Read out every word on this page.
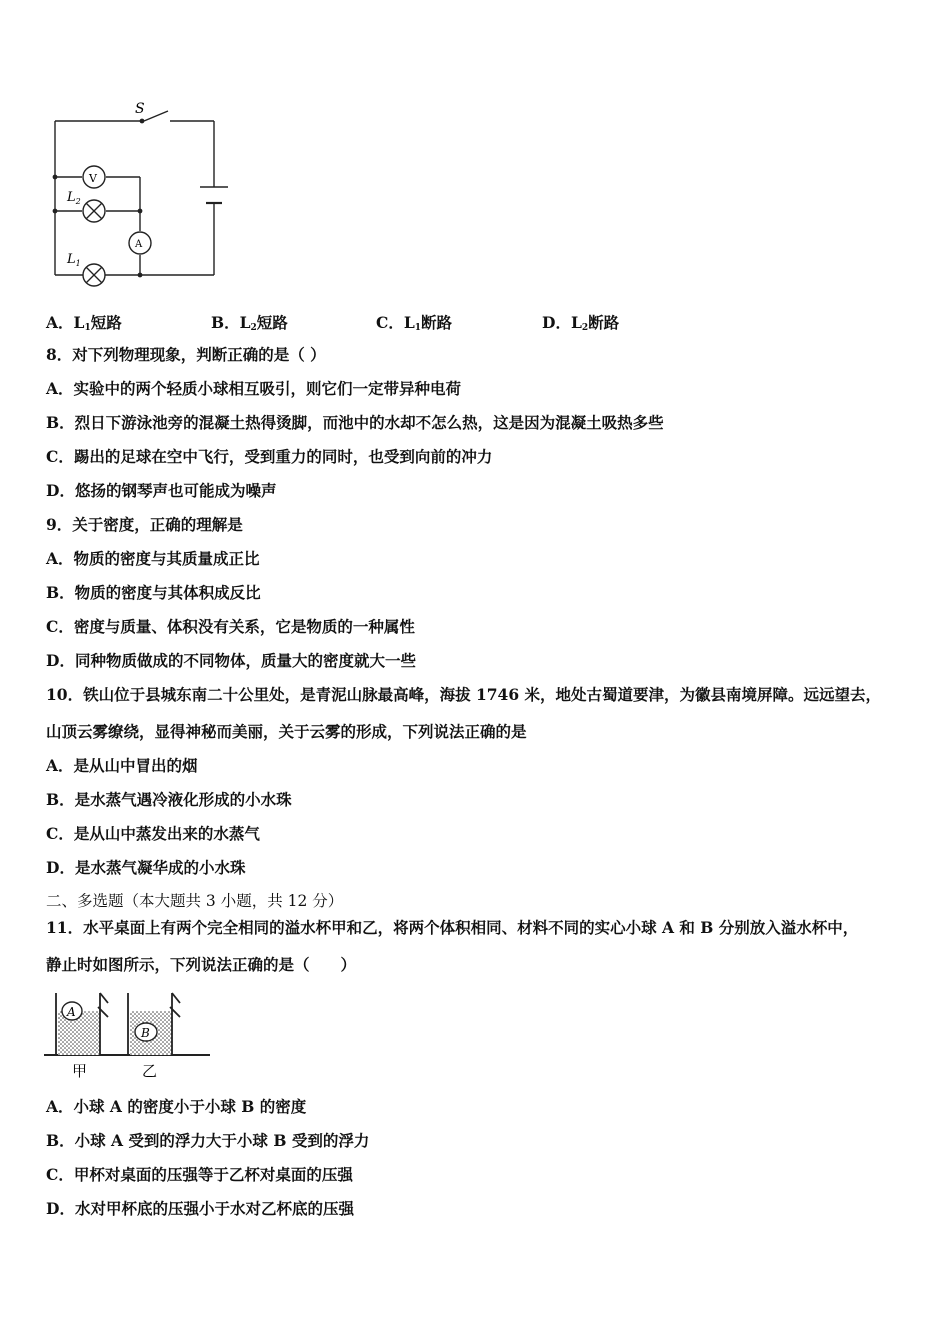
S
V
A
$L_2$
$L_1$
A．$L_1$短路	B．$L_2$短路	C．$L_1$断路	D．$L_2$断路
8．对下列物理现象，判断正确的是（ ）
A．实验中的两个轻质小球相互吸引，则它们一定带异种电荷
B．烈日下游泳池旁的混凝土热得烫脚，而池中的水却不怎么热，这是因为混凝土吸热多些
C．踢出的足球在空中飞行，受到重力的同时，也受到向前的冲力
D．悠扬的钢琴声也可能成为噪声
9．关于密度，正确的理解是
A．物质的密度与其质量成正比
B．物质的密度与其体积成反比
C．密度与质量、体积没有关系，它是物质的一种属性
D．同种物质做成的不同物体，质量大的密度就大一些
10．铁山位于县城东南二十公里处，是青泥山脉最高峰，海拔 1746 米，地处古蜀道要津，为徽县南境屏障。远远望去，
山顶云雾缭绕，显得神秘而美丽，关于云雾的形成，下列说法正确的是
A．是从山中冒出的烟
B．是水蒸气遇冷液化形成的小水珠
C．是从山中蒸发出来的水蒸气
D．是水蒸气凝华成的小水珠
二、多选题（本大题共 3 小题，共 12 分）
11．水平桌面上有两个完全相同的溢水杯甲和乙，将两个体积相同、材料不同的实心小球 A 和 B 分别放入溢水杯中，
静止时如图所示，下列说法正确的是（　　）
A
B
甲	乙
A．小球 A 的密度小于小球 B 的密度
B．小球 A 受到的浮力大于小球 B 受到的浮力
C．甲杯对桌面的压强等于乙杯对桌面的压强
D．水对甲杯底的压强小于水对乙杯底的压强
